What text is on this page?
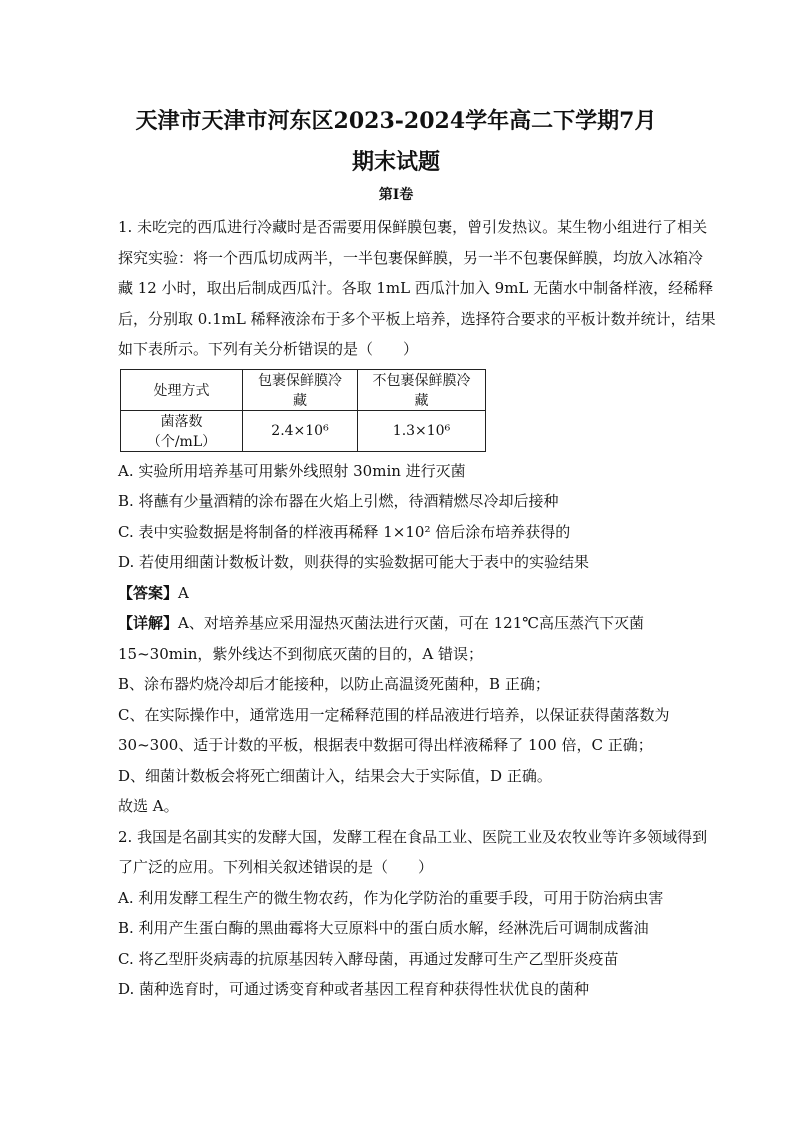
天津市天津市河东区2023-2024学年高二下学期7月
期末试题
第I卷
1. 未吃完的西瓜进行冷藏时是否需要用保鲜膜包裹，曾引发热议。某生物小组进行了相关
探究实验：将一个西瓜切成两半，一半包裹保鲜膜，另一半不包裹保鲜膜，均放入冰箱冷
藏 12 小时，取出后制成西瓜汁。各取 1mL 西瓜汁加入 9mL 无菌水中制备样液，经稀释
后，分别取 0.1mL 稀释液涂布于多个平板上培养，选择符合要求的平板计数并统计，结果
如下表所示。下列有关分析错误的是（　　）
处理方式	包裹保鲜膜冷藏	不包裹保鲜膜冷藏
菌落数（个/mL）	2.4×10⁶	1.3×10⁶
A. 实验所用培养基可用紫外线照射 30min 进行灭菌
B. 将蘸有少量酒精的涂布器在火焰上引燃，待酒精燃尽冷却后接种
C. 表中实验数据是将制备的样液再稀释 1×10² 倍后涂布培养获得的
D. 若使用细菌计数板计数，则获得的实验数据可能大于表中的实验结果
【答案】A
【详解】A、对培养基应采用湿热灭菌法进行灭菌，可在 121℃高压蒸汽下灭菌
15~30min，紫外线达不到彻底灭菌的目的，A 错误；
B、涂布器灼烧冷却后才能接种，以防止高温烫死菌种，B 正确；
C、在实际操作中，通常选用一定稀释范围的样品液进行培养，以保证获得菌落数为
30~300、适于计数的平板，根据表中数据可得出样液稀释了 100 倍，C 正确；
D、细菌计数板会将死亡细菌计入，结果会大于实际值，D 正确。
故选 A。
2. 我国是名副其实的发酵大国，发酵工程在食品工业、医院工业及农牧业等许多领域得到
了广泛的应用。下列相关叙述错误的是（　　）
A. 利用发酵工程生产的微生物农药，作为化学防治的重要手段，可用于防治病虫害
B. 利用产生蛋白酶的黑曲霉将大豆原料中的蛋白质水解，经淋洗后可调制成酱油
C. 将乙型肝炎病毒的抗原基因转入酵母菌，再通过发酵可生产乙型肝炎疫苗
D. 菌种选育时，可通过诱变育种或者基因工程育种获得性状优良的菌种
